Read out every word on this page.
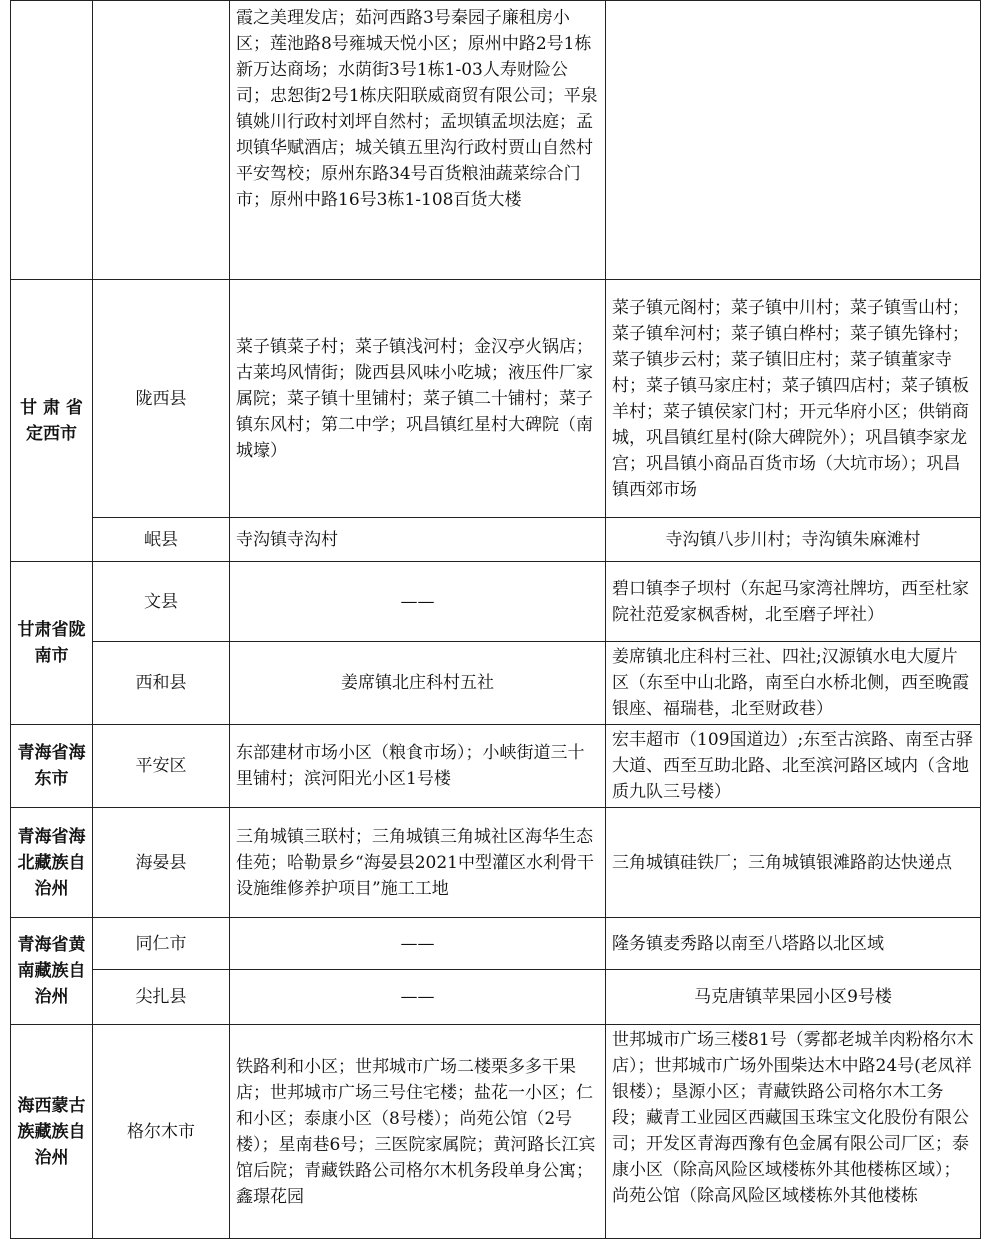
		霞之美理发店；茹河西路3号秦园子廉租房小区；莲池路8号雍城天悦小区；原州中路2号1栋新万达商场；水荫街3号1栋1-03人寿财险公司；忠恕街2号1栋庆阳联威商贸有限公司；平泉镇姚川行政村刘坪自然村；孟坝镇孟坝法庭；孟坝镇华赋酒店；城关镇五里沟行政村贾山自然村平安驾校；原州东路34号百货粮油蔬菜综合门市；原州中路16号3栋1-108百货大楼	
甘 肃 省 定西市	陇西县	菜子镇菜子村；菜子镇浅河村；金汉亭火锅店；古莱坞风情街；陇西县风味小吃城；液压件厂家属院；菜子镇十里铺村；菜子镇二十铺村；菜子镇东风村；第二中学；巩昌镇红星村大碑院（南城壕）	菜子镇元阁村；菜子镇中川村；菜子镇雪山村；菜子镇牟河村；菜子镇白桦村；菜子镇先锋村；菜子镇步云村；菜子镇旧庄村；菜子镇董家寺村；菜子镇马家庄村；菜子镇四店村；菜子镇板羊村；菜子镇侯家门村；开元华府小区；供销商城，巩昌镇红星村(除大碑院外）；巩昌镇李家龙宫；巩昌镇小商品百货市场（大坑市场）；巩昌镇西郊市场
	岷县	寺沟镇寺沟村	寺沟镇八步川村；寺沟镇朱麻滩村
甘肃省陇南市	文县	——	碧口镇李子坝村（东起马家湾社牌坊，西至杜家院社范爱家枫香树，北至磨子坪社）
	西和县	姜席镇北庄科村五社	姜席镇北庄科村三社、四社;汉源镇水电大厦片区（东至中山北路，南至白水桥北侧，西至晚霞银座、福瑞巷，北至财政巷）
青海省海东市	平安区	东部建材市场小区（粮食市场）；小峡街道三十里铺村；滨河阳光小区1号楼	宏丰超市（109国道边）;东至古滨路、南至古驿大道、西至互助北路、北至滨河路区域内（含地质九队三号楼）
青海省海北藏族自治州	海晏县	三角城镇三联村；三角城镇三角城社区海华生态佳苑；哈勒景乡“海晏县2021中型灌区水利骨干设施维修养护项目”施工工地	三角城镇硅铁厂；三角城镇银滩路韵达快递点
青海省黄南藏族自治州	同仁市	——	隆务镇麦秀路以南至八塔路以北区域
	尖扎县	——	马克唐镇苹果园小区9号楼
海西蒙古族藏族自治州	格尔木市	铁路利和小区；世邦城市广场二楼栗多多干果店；世邦城市广场三号住宅楼；盐花一小区；仁和小区；泰康小区（8号楼）；尚苑公馆（2号楼）；星南巷6号；三医院家属院；黄河路长江宾馆后院；青藏铁路公司格尔木机务段单身公寓；鑫璟花园	世邦城市广场三楼81号（雾都老城羊肉粉格尔木店）；世邦城市广场外围柴达木中路24号(老凤祥银楼）；垦源小区；青藏铁路公司格尔木工务段；藏青工业园区西藏国玉珠宝文化股份有限公司；开发区青海西豫有色金属有限公司厂区；泰康小区（除高风险区域楼栋外其他楼栋区域）；尚苑公馆（除高风险区域楼栋外其他楼栋
